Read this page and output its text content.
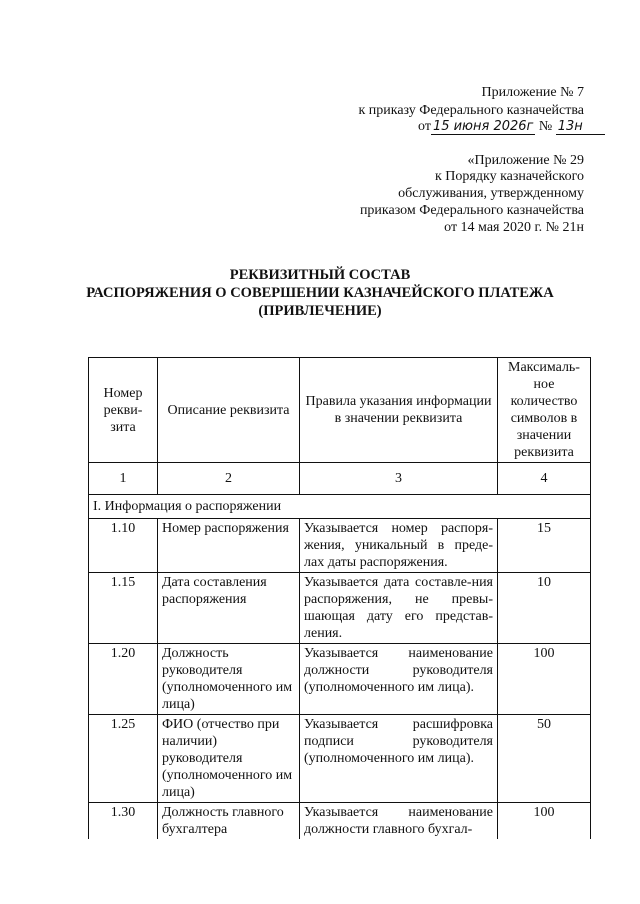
Приложение № 7
к приказу Федерального казначейства
от 15 июня 2026г № 13н
«Приложение № 29
к Порядку казначейского
обслуживания, утвержденному
приказом Федерального казначейства
от 14 мая 2020 г. № 21н
РЕКВИЗИТНЫЙ СОСТАВ
РАСПОРЯЖЕНИЯ О СОВЕРШЕНИИ КАЗНАЧЕЙСКОГО ПЛАТЕЖА
(ПРИВЛЕЧЕНИЕ)
Номер рекви-зита	Описание реквизита	Правила указания информации в значении реквизита	Максималь-ное количество символов в значении реквизита
1	2	3	4
I. Информация о распоряжении			
1.10	Номер распоряжения	Указывается номер распоря-жения, уникальный в преде-лах даты распоряжения.	15
1.15	Дата составления распоряжения	Указывается дата составле-ния распоряжения, не превы-шающая дату его представ-ления.	10
1.20	Должность руководителя (уполномоченного им лица)	Указывается наименование должности руководителя (уполномоченного им лица).	100
1.25	ФИО (отчество при наличии) руководителя (уполномоченного им лица)	Указывается расшифровка подписи руководителя (уполномоченного им лица).	50
1.30	Должность главного бухгалтера	Указывается наименование должности главного бухгал-	100
